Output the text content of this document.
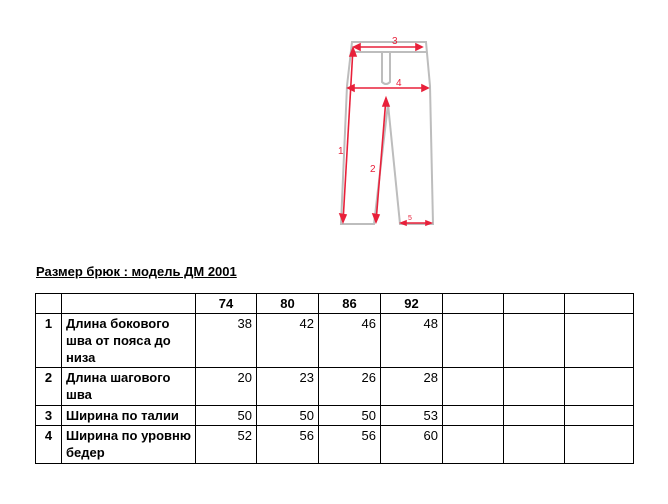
3
4
1
2
5
Размер брюк : модель ДМ 2001
		74	80	86	92			
1	Длина бокового шва от пояса до низа	38	42	46	48			
2	Длина шагового шва	20	23	26	28			
3	Ширина по талии	50	50	50	53			
4	Ширина по уровню бедер	52	56	56	60			
